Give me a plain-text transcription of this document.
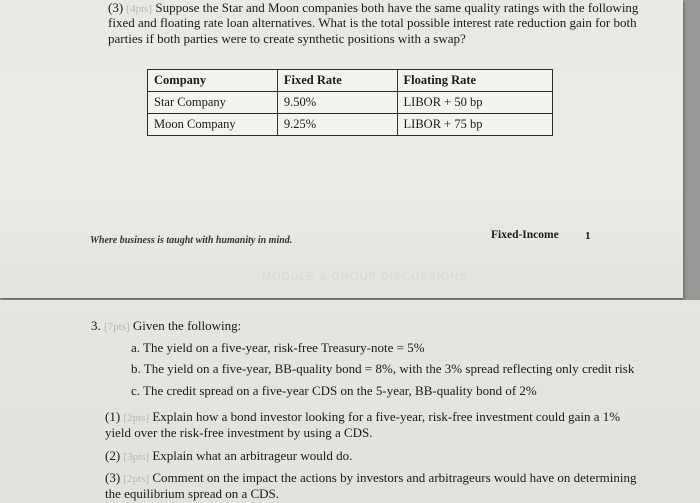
(3) [4pts] Suppose the Star and Moon companies both have the same quality ratings with the following
fixed and floating rate loan alternatives. What is the total possible interest rate reduction gain for both
parties if both parties were to create synthetic positions with a swap?
Company	Fixed Rate	Floating Rate
Star Company	9.50%	LIBOR + 50 bp
Moon Company	9.25%	LIBOR + 75 bp
Where business is taught with humanity in mind.	Fixed-Income 1
MODULE & GROUP DISCUSSIONS
3. [7pts] Given the following:
a. The yield on a five-year, risk-free Treasury-note = 5%
b. The yield on a five-year, BB-quality bond = 8%, with the 3% spread reflecting only credit risk
c. The credit spread on a five-year CDS on the 5-year, BB-quality bond of 2%
(1) [2pts] Explain how a bond investor looking for a five-year, risk-free investment could gain a 1%
yield over the risk-free investment by using a CDS.
(2) [3pts] Explain what an arbitrageur would do.
(3) [2pts] Comment on the impact the actions by investors and arbitrageurs would have on determining
the equilibrium spread on a CDS.
